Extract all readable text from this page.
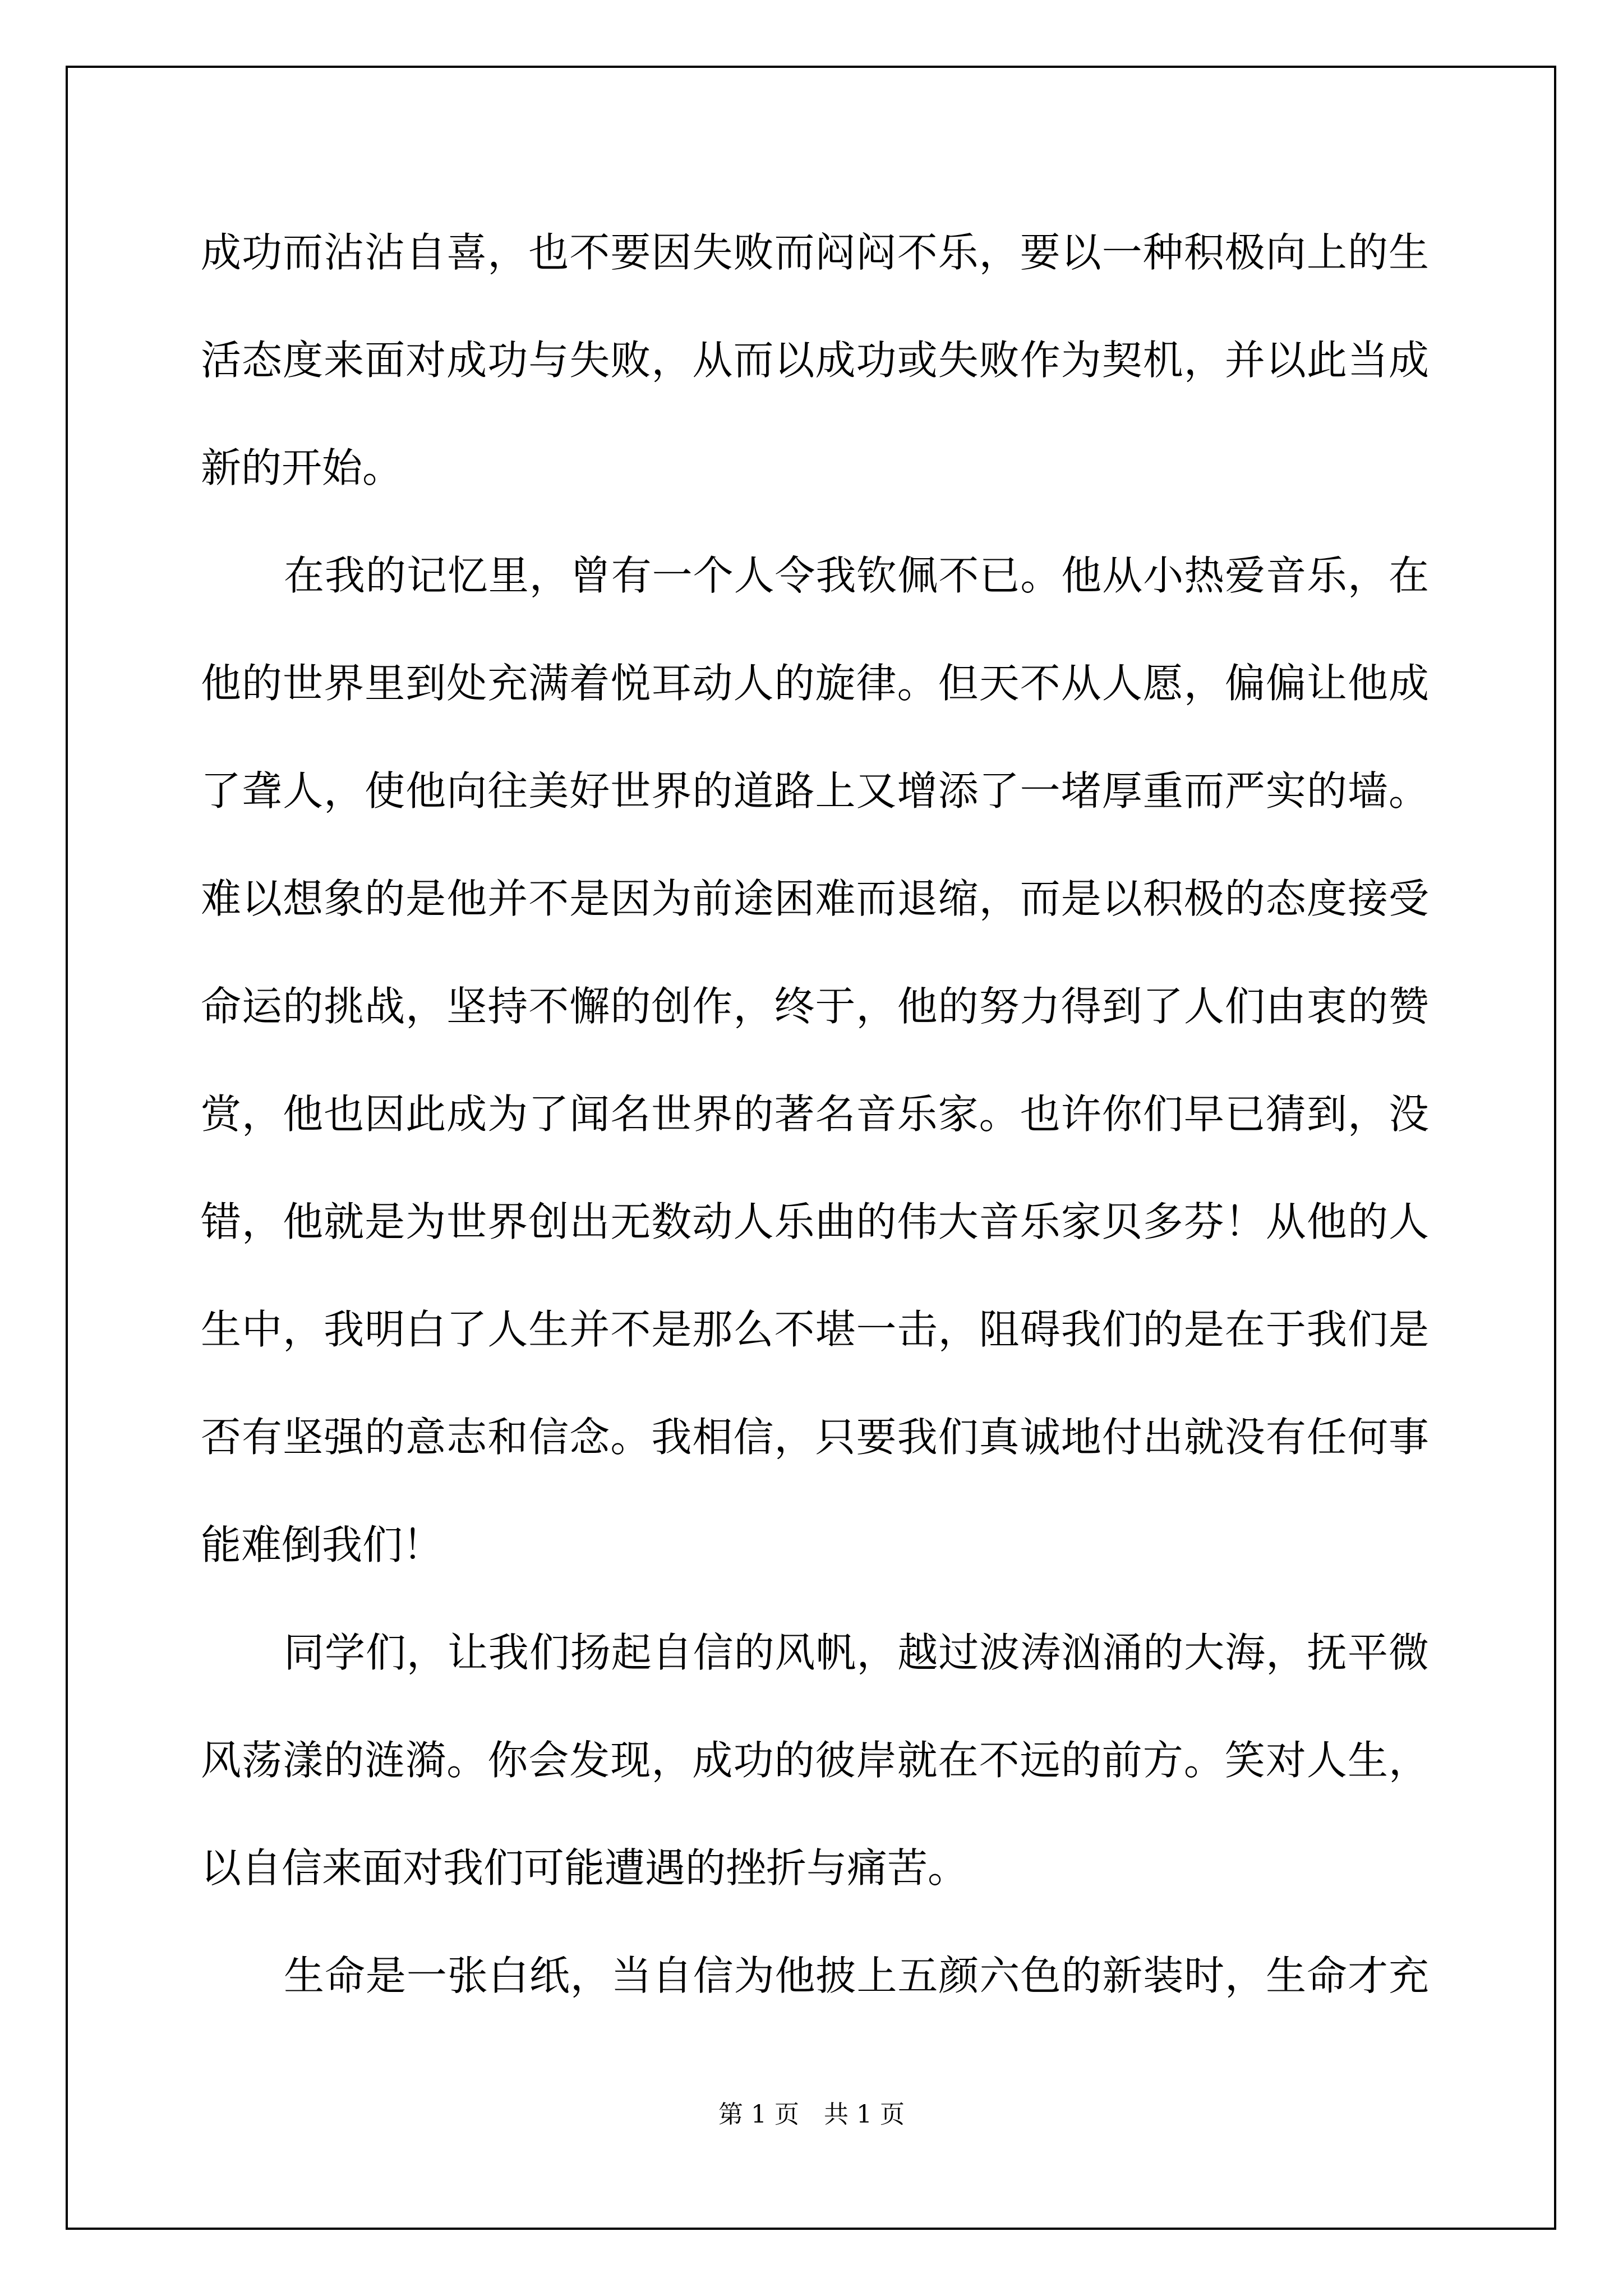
成功而沾沾自喜，也不要因失败而闷闷不乐，要以一种积极向上的生
活态度来面对成功与失败，从而以成功或失败作为契机，并以此当成
新的开始。
在我的记忆里，曾有一个人令我钦佩不已。他从小热爱音乐，在
他的世界里到处充满着悦耳动人的旋律。但天不从人愿，偏偏让他成
了聋人，使他向往美好世界的道路上又增添了一堵厚重而严实的墙。
难以想象的是他并不是因为前途困难而退缩，而是以积极的态度接受
命运的挑战，坚持不懈的创作，终于，他的努力得到了人们由衷的赞
赏，他也因此成为了闻名世界的著名音乐家。也许你们早已猜到，没
错，他就是为世界创出无数动人乐曲的伟大音乐家贝多芬！从他的人
生中，我明白了人生并不是那么不堪一击，阻碍我们的是在于我们是
否有坚强的意志和信念。我相信，只要我们真诚地付出就没有任何事
能难倒我们！
同学们，让我们扬起自信的风帆，越过波涛汹涌的大海，抚平微
风荡漾的涟漪。你会发现，成功的彼岸就在不远的前方。笑对人生，
以自信来面对我们可能遭遇的挫折与痛苦。
生命是一张白纸，当自信为他披上五颜六色的新装时，生命才充
第 1 页　共 1 页
